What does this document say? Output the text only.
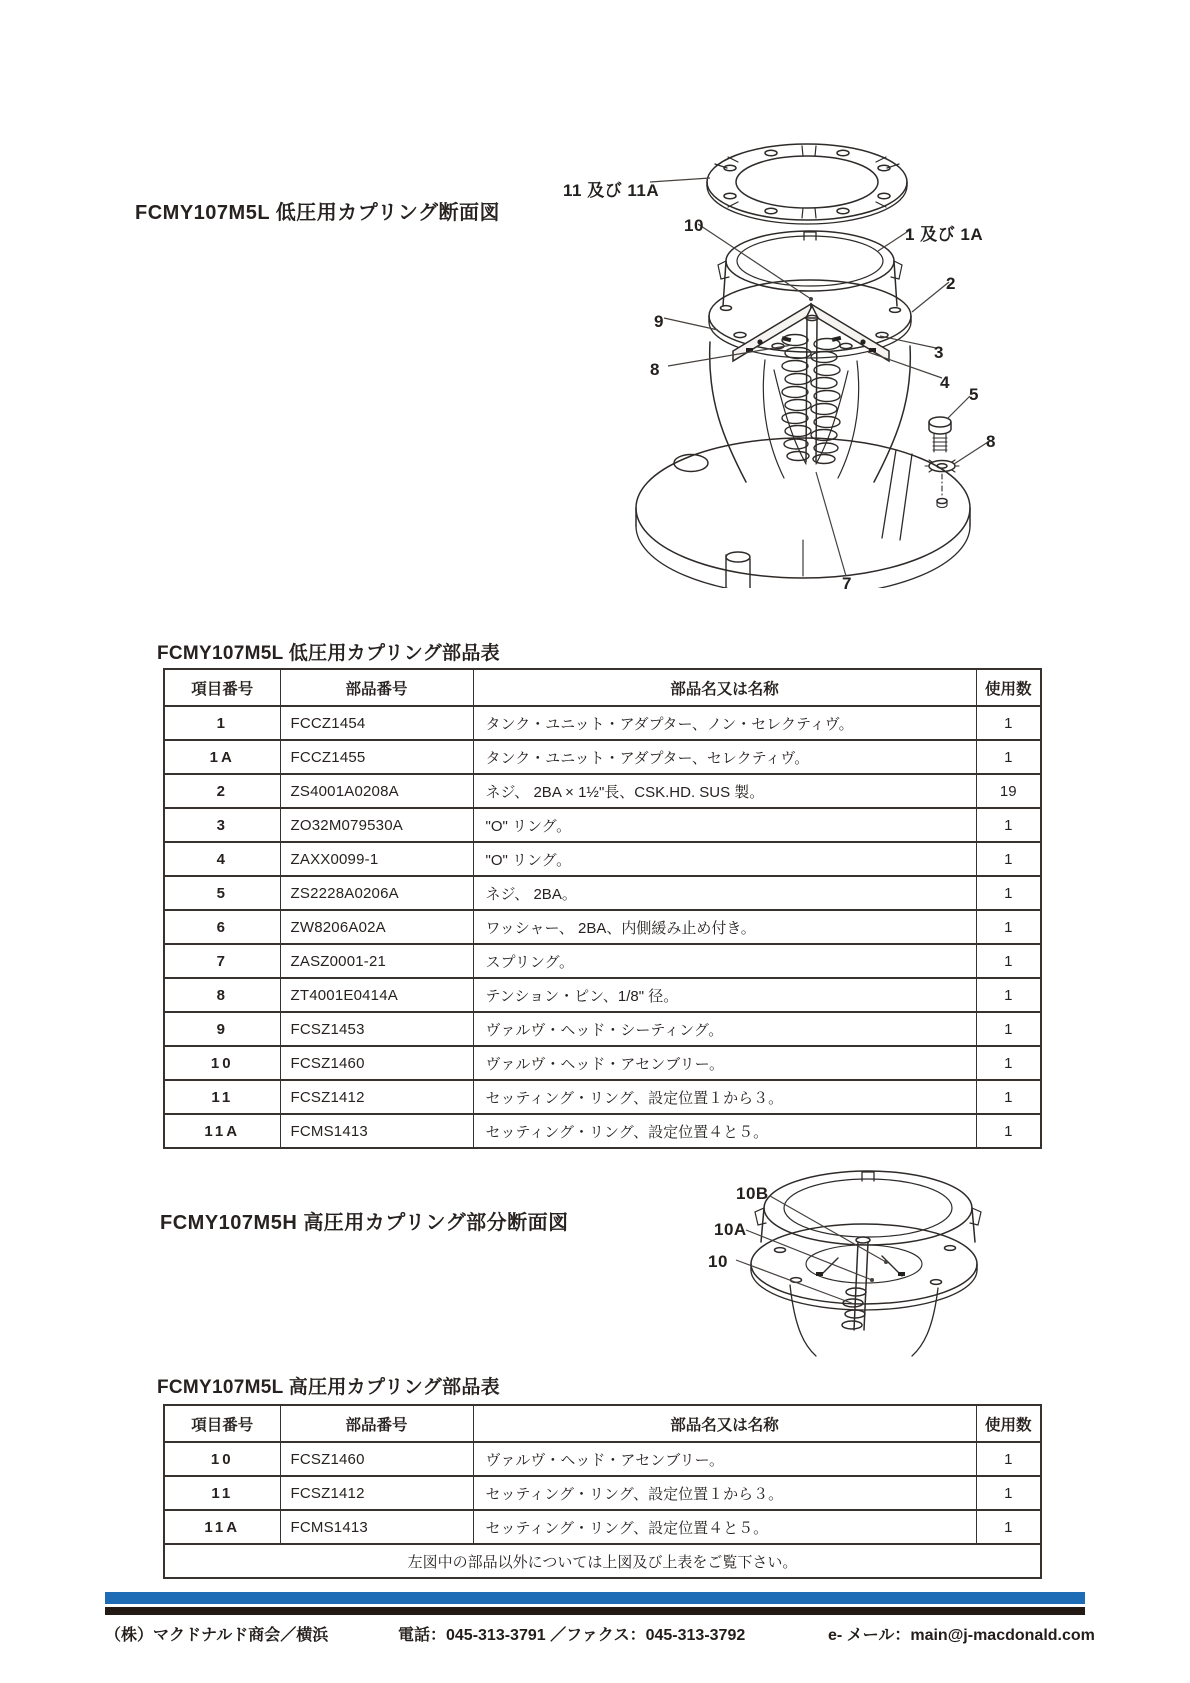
FCMY107M5L 低圧用カプリング断面図
11 及び 11A
10	1 及び 1A
2
9
3
8
4
5
8
7
FCMY107M5L 低圧用カプリング部品表
項目番号	部品番号	部品名又は名称	使用数
1	FCCZ1454	タンク・ユニット・アダプター、ノン・セレクティヴ。	1
1A	FCCZ1455	タンク・ユニット・アダプター、セレクティヴ。	1
2	ZS4001A0208A	ネジ、 2BA × 1½"長、CSK.HD. SUS 製。	19
3	ZO32M079530A	"O" リング。	1
4	ZAXX0099-1	"O" リング。	1
5	ZS2228A0206A	ネジ、 2BA。	1
6	ZW8206A02A	ワッシャー、 2BA、内側緩み止め付き。	1
7	ZASZ0001-21	スプリング。	1
8	ZT4001E0414A	テンション・ピン、1/8" 径。	1
9	FCSZ1453	ヴァルヴ・ヘッド・シーティング。	1
10	FCSZ1460	ヴァルヴ・ヘッド・アセンブリー。	1
11	FCSZ1412	セッティング・リング、設定位置１から３。	1
11A	FCMS1413	セッティング・リング、設定位置４と５。	1
FCMY107M5H 高圧用カプリング部分断面図
10B
10A
10
FCMY107M5L 高圧用カプリング部品表
項目番号	部品番号	部品名又は名称	使用数
10	FCSZ1460	ヴァルヴ・ヘッド・アセンブリー。	1
11	FCSZ1412	セッティング・リング、設定位置１から３。	1
11A	FCMS1413	セッティング・リング、設定位置４と５。	1
左図中の部品以外については上図及び上表をご覧下さい。			
（株）マクドナルド商会／横浜	電話：045-313-3791 ／ファクス：045-313-3792	e- メール：main@j-macdonald.com
